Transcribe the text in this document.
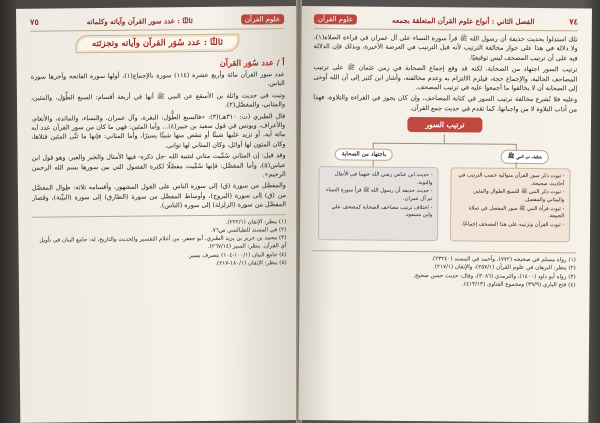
علوم القرآن
ثالثًا : عدد سور القرآن وآياته وكلماته
٧٥
ثالثًا : عدد سُوَر القرآن وآياته وتجزئته
أ / عدد سُوَر القرآن

عدد سور القرآن مائة وأربع عشرة (١١٤) سورة بالإجماع(١)، أولها سورة الفاتحة وآخرها سورة الناس.

وثبت في حديث واثلة بن الأسقع عن النبي ﷺ أنها في أربعة أقسام: السبع الطِّوَل، والمئين، والمثاني، والمفصَّل(٢).

قال الطبري (ت: ٣١٠هـ)(٣): «فالسبع الطُّوَل: البقرة، وآل عمران، والنساء، والمائدة، والأنعام، والأعراف، ويونس في قول سعيد بن جبير(٤)... وأما المئين: فهي ما كان من سور القرآن عدد آيه مائة آية، أو تزيد عليها شيئًا أو تنقص منها شيئًا يسيرًا، وأما المثاني: فإنها ما ثنَّى المئين فتلاها، وكان المئون لها أوائل، وكان المثاني لها ثواني.

وقد قيل: إن المثاني سُمِّيت مثاني لتثنية الله -جل ذكره- فيها الأمثال والخبر والعبر، وهو قول ابن عباس(٥)، وأما المفصَّل: فإنها سُمِّيت مفصَّلًا لكثرة الفصول التي بين سورها بسم الله الرحمن الرحيم».

والمفصَّل من سورة (ق) إلى سورة الناس على القول المشهور، وأقسامه ثلاثة: طِوال المفصَّل من (ق) إلى سورة (البروج)، وأوساط المفصَّل من سورة (الطارق) إلى سورة (البيِّنة)، وقصار المفصَّل من سورة (الزلزلة) إلى سورة (الناس).

(١) ينظر: الإتقان (٢٢٢/١).

(٢) في المسند للطيالسي ص٧٦.

(٣) محمد بن جرير بن يزيد الطبري، أبو جعفر، من أعلام التفسير والحديث والتاريخ، له: جامع البيان في تأويل آي القرآن. ينظر: السير (٢٦٧/١٤).

(٤) جامع البيان (١٠٠/١-١٠٤) بتصرف يسير.

(٥) ينظر: الإتقان (١٨٠/١-٢١٧).

٧٤
الفصل الثاني : أنواع علوم القرآن المتعلقة بجمعه
علوم القرآن

تلك استدلوا بحديث حذيفة أن رسول الله ﷺ قرأ سورة النساء على آل عمران في قراءة الصلاة(١)، ولا دلالة في هذا على جواز مخالفة الترتيب لأنه قبل الترتيب في العرضة الأخيرة، وبذلك فإن الدلالة فيه على أن ترتيب المصحف ليس توقيفيًا.

ترتيب السور اجتهاد من الصحابة، لكنه قد وقع إجماع الصحابة في زمن عثمان ﷺ على ترتيب المصاحف الحالية، والإجماع حجة، فيلزم الالتزام به وعدم مخالفته، وأشار ابن كثير إلى أن الله أوحى إلى الصحابة أن لا يخالفوا ما أجمعوا عليه في ترتيب المصحف.

وعليه فلا تُشرع مخالفة ترتيب السور في كتابة المصاحف، وإن كان يجوز في القراءة والتلاوة، فهذا من آداب التلاوة لا من واجباتها، كما تقدم في حديث جمع القرآن.

ترتيب السور
بتوقيف من النبي ﷺ
باجتهاد من الصحابة

- ثبوت ذكر سور القرآن متوالية حسب الترتيب في أحاديث صحيحة.

- ثبوت ذكر النبي ﷺ للسبع الطوال والمئين والمثاني والمفصل.

- ثبوت قرأة النبي ﷺ سور المفصل في صلاة الجمعة.

- ثبوت القرآن وترتيبه على هذا المصحف إجماعًا.

- حديث ابن عباس رضي الله عنهما في الأنفال والتوبة.

- حديث حذيفة أن رسول الله ﷺ قرأ سورة النساء ثم آل عمران.

- اختلاف ترتيب مصاحف الصحابة كمصحف علي وابن مسعود.

(١) رواه مسلم في صحيحه (٧٧٢)، وأحمد في المسند (٢٣٢٤٠).

(٢) ينظر: البرهان في علوم القرآن (٢٥٧/١)، والإتقان (٢١٧/١).

(٣) رواه أبو داود (١٤٠٠)، والترمذي (٣٠٨٦)، وقال: حديث حسن صحيح.

(٤) فتح الباري (٣٩/٩) ومجموع الفتاوى (٤١٣/١٣).
